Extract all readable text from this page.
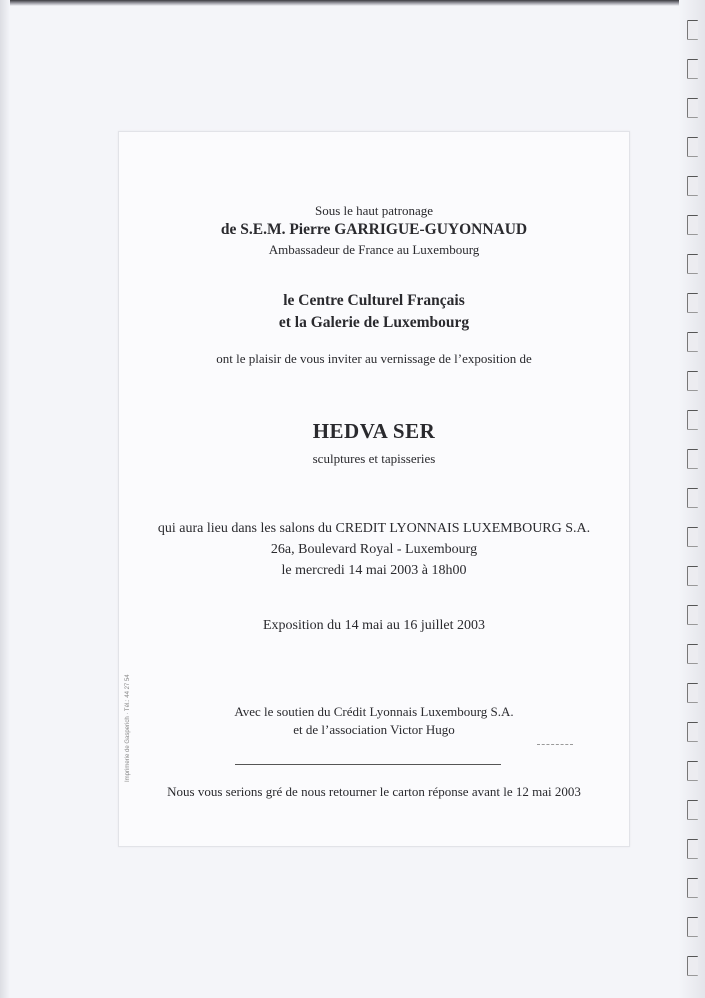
Sous le haut patronage
de S.E.M. Pierre GARRIGUE-GUYONNAUD
Ambassadeur de France au Luxembourg
le Centre Culturel Français
et la Galerie de Luxembourg
ont le plaisir de vous inviter au vernissage de l’exposition de
HEDVA SER
sculptures et tapisseries
qui aura lieu dans les salons du CREDIT LYONNAIS LUXEMBOURG S.A.
26a, Boulevard Royal - Luxembourg
le mercredi 14 mai 2003 à 18h00
Exposition du 14 mai au 16 juillet 2003
Avec le soutien du Crédit Lyonnais Luxembourg S.A.
et de l’association Victor Hugo
Nous vous serions gré de nous retourner le carton réponse avant le 12 mai 2003
Imprimerie de Gasperich · Tél.: 44 27 54
